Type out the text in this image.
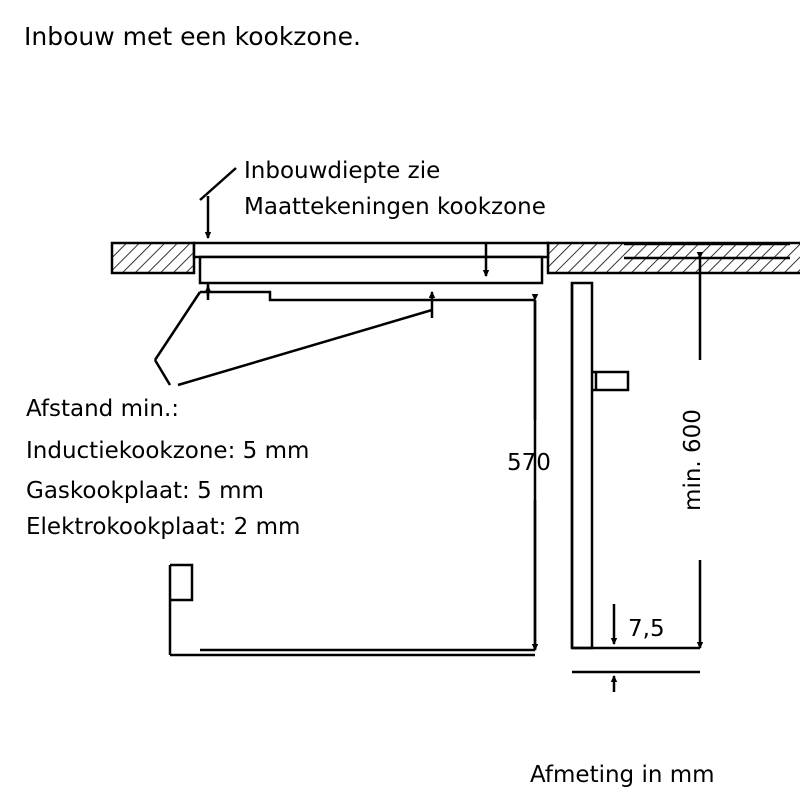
Inbouw met een kookzone.
Inbouwdiepte zie
Maattekeningen kookzone
Afstand min.:
Inductiekookzone: 5 mm
Gaskookplaat: 5 mm
Elektrokookplaat: 2 mm
570	min. 600
7,5
Afmeting in mm
